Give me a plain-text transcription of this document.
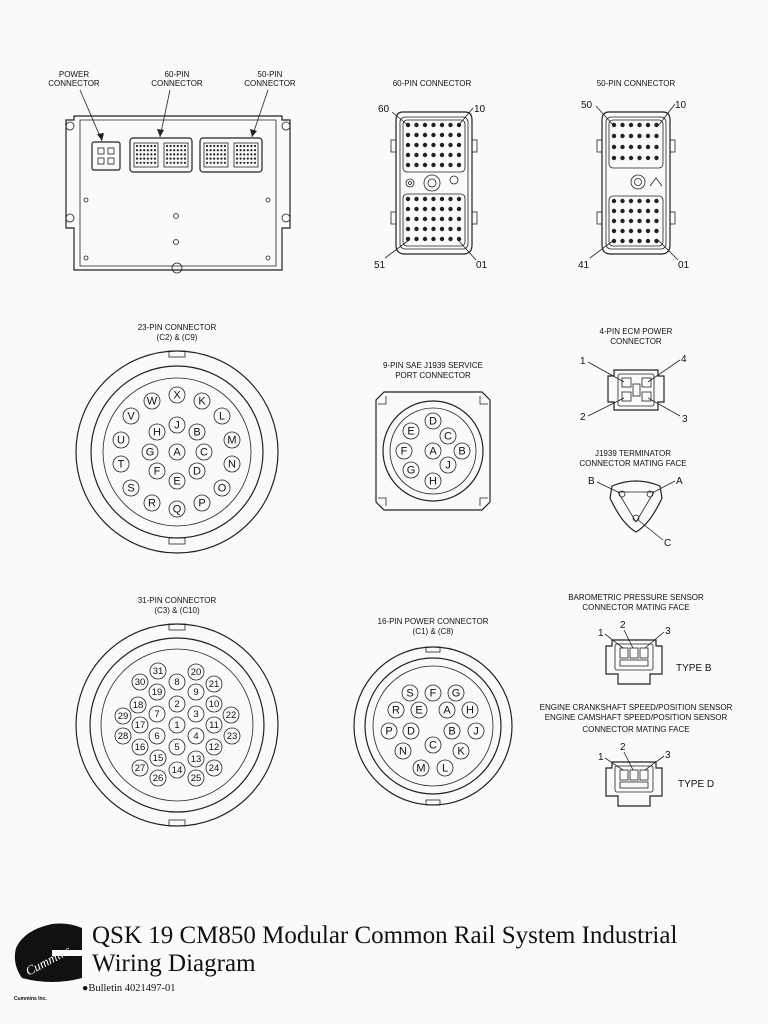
POWER
CONNECTOR
60-PIN
CONNECTOR
50-PIN
CONNECTOR	60-PIN CONNECTOR
60	10
51	01
50-PIN CONNECTOR
50	10
41	01
23-PIN CONNECTOR
(C2) & (C9)
W X K
V	L
U
H
J
B
M
T
G A C
N
F	D
S
E
O
R Q P
9-PIN SAE J1939 SERVICE
PORT CONNECTOR
D
E	C
F A B
G	J
H
4-PIN ECM POWER
CONNECTOR
1	4
2	3
J1939 TERMINATOR
CONNECTOR MATING FACE
B	A
C
31-PIN CONNECTOR
(C3) & (C10)
31	20
30	8	21
19	9
18	2	10
29	7	3	22
17	1	11
28	6	4	23
16	5	12
27
15	13
24
26
14
25
16-PIN POWER CONNECTOR
(C1) & (C8)
S F G
R E A H
P D	B J
N C K
M L
BAROMETRIC PRESSURE SENSOR
CONNECTOR MATING FACE
1
2
3
TYPE B
ENGINE CRANKSHAFT SPEED/POSITION SENSOR
ENGINE CAMSHAFT SPEED/POSITION SENSOR
CONNECTOR MATING FACE
1
2
3
TYPE D
Cummins
QSK 19 CM850 Modular Common Rail System Industrial
Wiring Diagram
●Bulletin 4021497-01
Cummins Inc.
